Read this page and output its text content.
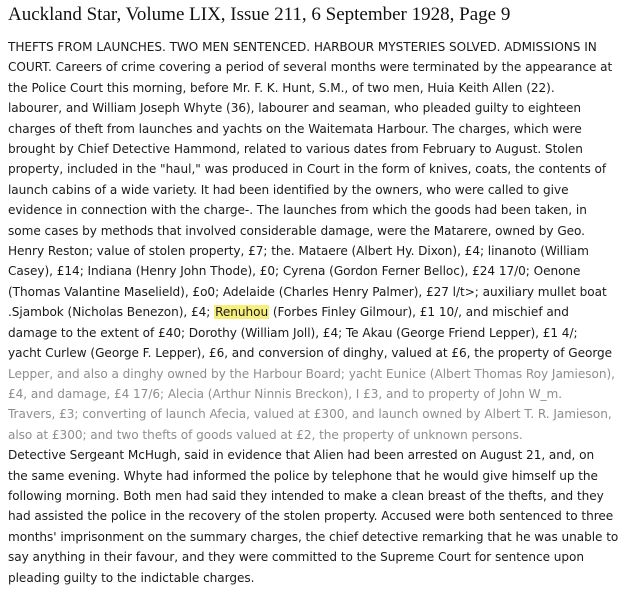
Auckland Star, Volume LIX, Issue 211, 6 September 1928, Page 9
THEFTS FROM LAUNCHES. TWO MEN SENTENCED. HARBOUR MYSTERIES SOLVED. ADMISSIONS IN
COURT. Careers of crime covering a period of several months were terminated by the appearance at
the Police Court this morning, before Mr. F. K. Hunt, S.M., of two men, Huia Keith Allen (22).
labourer, and William Joseph Whyte (36), labourer and seaman, who pleaded guilty to eighteen
charges of theft from launches and yachts on the Waitemata Harbour. The charges, which were
brought by Chief Detective Hammond, related to various dates from February to August. Stolen
property, included in the "haul," was produced in Court in the form of knives, coats, the contents of
launch cabins of a wide variety. It had been identified by the owners, who were called to give
evidence in connection with the charge-. The launches from which the goods had been taken, in
some cases by methods that involved considerable damage, were the Matarere, owned by Geo.
Henry Reston; value of stolen property, £7; the. Mataere (Albert Hy. Dixon), £4; linanoto (William
Casey), £14; Indiana (Henry John Thode), £0; Cyrena (Gordon Ferner Belloc), £24 17/0; Oenone
(Thomas Valantine Maselield), £o0; Adelaide (Charles Henry Palmer), £27 l/t>; auxiliary mullet boat
.Sjambok (Nicholas Benezon), £4; Renuhou (Forbes Finley Gilmour), £1 10/, and mischief and
damage to the extent of £40; Dorothy (William Joll), £4; Te Akau (George Friend Lepper), £1 4/;
yacht Curlew (George F. Lepper), £6, and conversion of dinghy, valued at £6, the property of George
Lepper, and also a dinghy owned by the Harbour Board; yacht Eunice (Albert Thomas Roy Jamieson),
£4, and damage, £4 17/6; Alecia (Arthur Ninnis Breckon), I £3, and to property of John W_m.
Travers, £3; converting of launch Afecia, valued at £300, and launch owned by Albert T. R. Jamieson,
also at £300; and two thefts of goods valued at £2, the property of unknown persons.
Detective Sergeant McHugh, said in evidence that Alien had been arrested on August 21, and, on
the same evening. Whyte had informed the police by telephone that he would give himself up the
following morning. Both men had said they intended to make a clean breast of the thefts, and they
had assisted the police in the recovery of the stolen property. Accused were both sentenced to three
months' imprisonment on the summary charges, the chief detective remarking that he was unable to
say anything in their favour, and they were committed to the Supreme Court for sentence upon
pleading guilty to the indictable charges.
